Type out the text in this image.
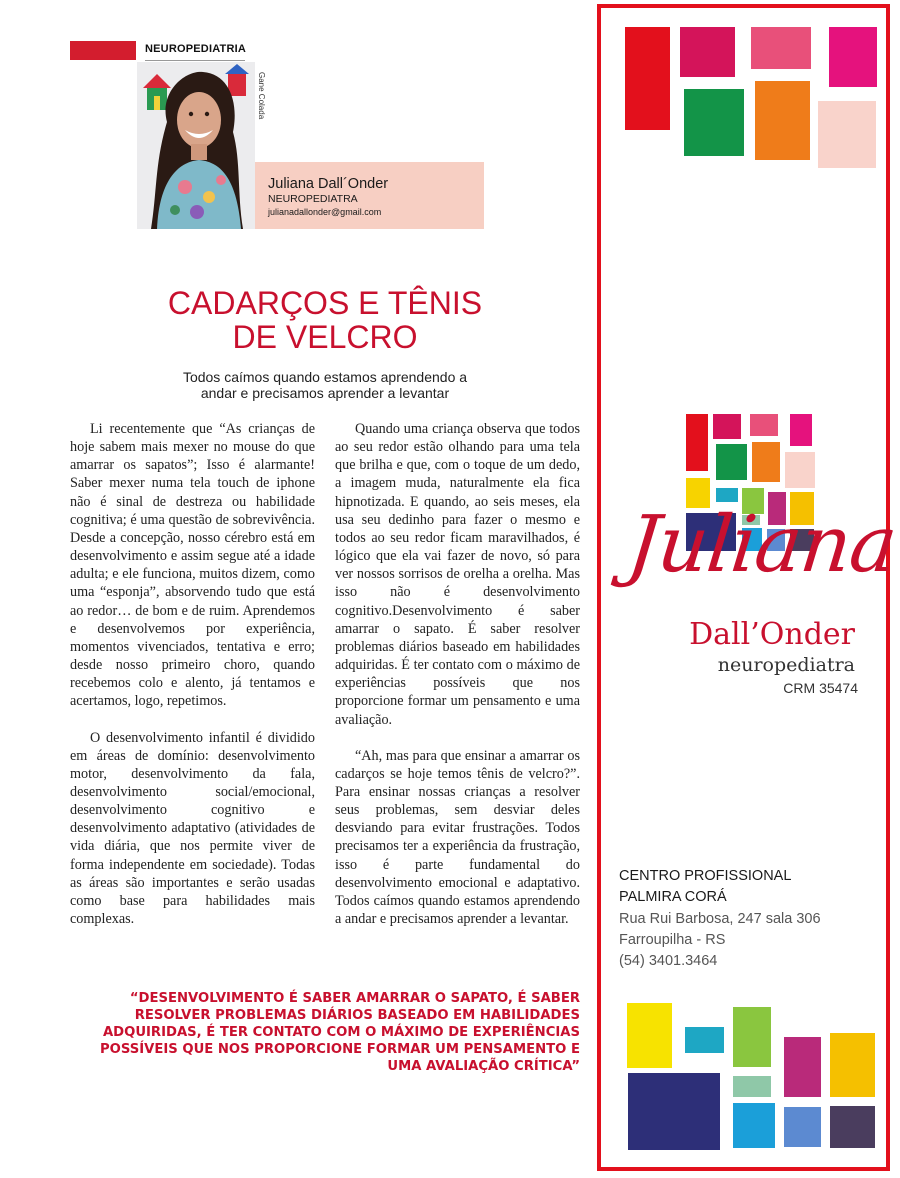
NEUROPEDIATRIA
Gane Colada
Juliana Dall´Onder
NEUROPEDIATRA
julianadallonder@gmail.com
CADARÇOS E TÊNIS
DE VELCRO
Todos caímos quando estamos aprendendo a
andar e precisamos aprender a levantar

Li recentemente que “As crianças de hoje sabem mais mexer no mouse do que amarrar os sapatos”; Isso é alarmante! Saber mexer numa tela touch de iphone não é sinal de destreza ou habilidade cognitiva; é uma questão de sobrevivência. Desde a concepção, nosso cérebro está em desenvolvimento e assim segue até a idade adulta; e ele funciona, muitos dizem, como uma “esponja”, absorvendo tudo que está ao redor… de bom e de ruim. Aprendemos e desenvolvemos por experiência, momentos vivenciados, tentativa e erro; desde nosso primeiro choro, quando recebemos colo e alento, já tentamos e acertamos, logo, repetimos.

O desenvolvimento infantil é dividido em áreas de domínio: desenvolvimento motor, desenvolvimento da fala, desenvolvimento social/emocional, desenvolvimento cognitivo e desenvolvimento adaptativo (atividades de vida diária, que nos permite viver de forma independente em sociedade). Todas as áreas são importantes e serão usadas como base para habilidades mais complexas.

Quando uma criança observa que todos ao seu redor estão olhando para uma tela que brilha e que, com o toque de um dedo, a imagem muda, naturalmente ela fica hipnotizada. E quando, ao seis meses, ela usa seu dedinho para fazer o mesmo e todos ao seu redor ficam maravilhados, é lógico que ela vai fazer de novo, só para ver nossos sorrisos de orelha a orelha. Mas isso não é desenvolvimento cognitivo.Desenvolvimento é saber amarrar o sapato. É saber resolver problemas diários baseado em habilidades adquiridas. É ter contato com o máximo de experiências possíveis que nos proporcione formar um pensamento e uma avaliação.

“Ah, mas para que ensinar a amarrar os cadarços se hoje temos tênis de velcro?”. Para ensinar nossas crianças a resolver seus problemas, sem desviar deles desviando para evitar frustrações. Todos precisamos ter a experiência da frustração, isso é parte fundamental do desenvolvimento emocional e adaptativo. Todos caímos quando estamos aprendendo a andar e precisamos aprender a levantar.

“DESENVOLVIMENTO É SABER AMARRAR O SAPATO, É SABER
RESOLVER PROBLEMAS DIÁRIOS BASEADO EM HABILIDADES
ADQUIRIDAS, É TER CONTATO COM O MÁXIMO DE EXPERIÊNCIAS
POSSÍVEIS QUE NOS PROPORCIONE FORMAR UM PENSAMENTO E
UMA AVALIAÇÃO CRÍTICA”
Juliana
Dall’Onder
neuropediatra
CRM 35474
CENTRO PROFISSIONAL
PALMIRA CORÁ
Rua Rui Barbosa, 247 sala 306
Farroupilha - RS
(54) 3401.3464
